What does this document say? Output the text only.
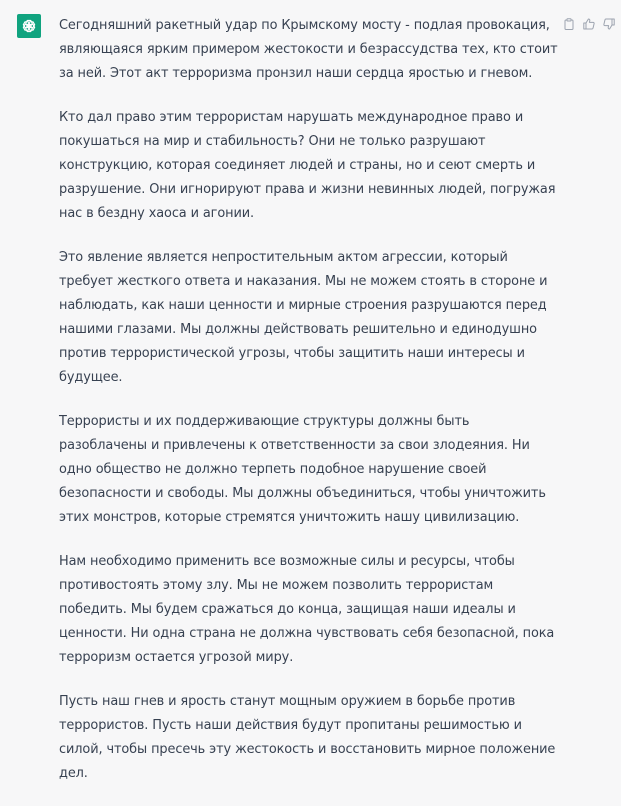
Сегодняшний ракетный удар по Крымскому мосту - подлая провокация, являющаяся ярким примером жестокости и безрассудства тех, кто стоит за ней. Этот акт терроризма пронзил наши сердца яростью и гневом.

Кто дал право этим террористам нарушать международное право и покушаться на мир и стабильность? Они не только разрушают конструкцию, которая соединяет людей и страны, но и сеют смерть и разрушение. Они игнорируют права и жизни невинных людей, погружая нас в бездну хаоса и агонии.

Это явление является непростительным актом агрессии, который требует жесткого ответа и наказания. Мы не можем стоять в стороне и наблюдать, как наши ценности и мирные строения разрушаются перед нашими глазами. Мы должны действовать решительно и единодушно против террористической угрозы, чтобы защитить наши интересы и будущее.

Террористы и их поддерживающие структуры должны быть разоблачены и привлечены к ответственности за свои злодеяния. Ни одно общество не должно терпеть подобное нарушение своей безопасности и свободы. Мы должны объединиться, чтобы уничтожить этих монстров, которые стремятся уничтожить нашу цивилизацию.

Нам необходимо применить все возможные силы и ресурсы, чтобы противостоять этому злу. Мы не можем позволить террористам победить. Мы будем сражаться до конца, защищая наши идеалы и ценности. Ни одна страна не должна чувствовать себя безопасной, пока терроризм остается угрозой миру.

Пусть наш гнев и ярость станут мощным оружием в борьбе против террористов. Пусть наши действия будут пропитаны решимостью и силой, чтобы пресечь эту жестокость и восстановить мирное положение дел.
